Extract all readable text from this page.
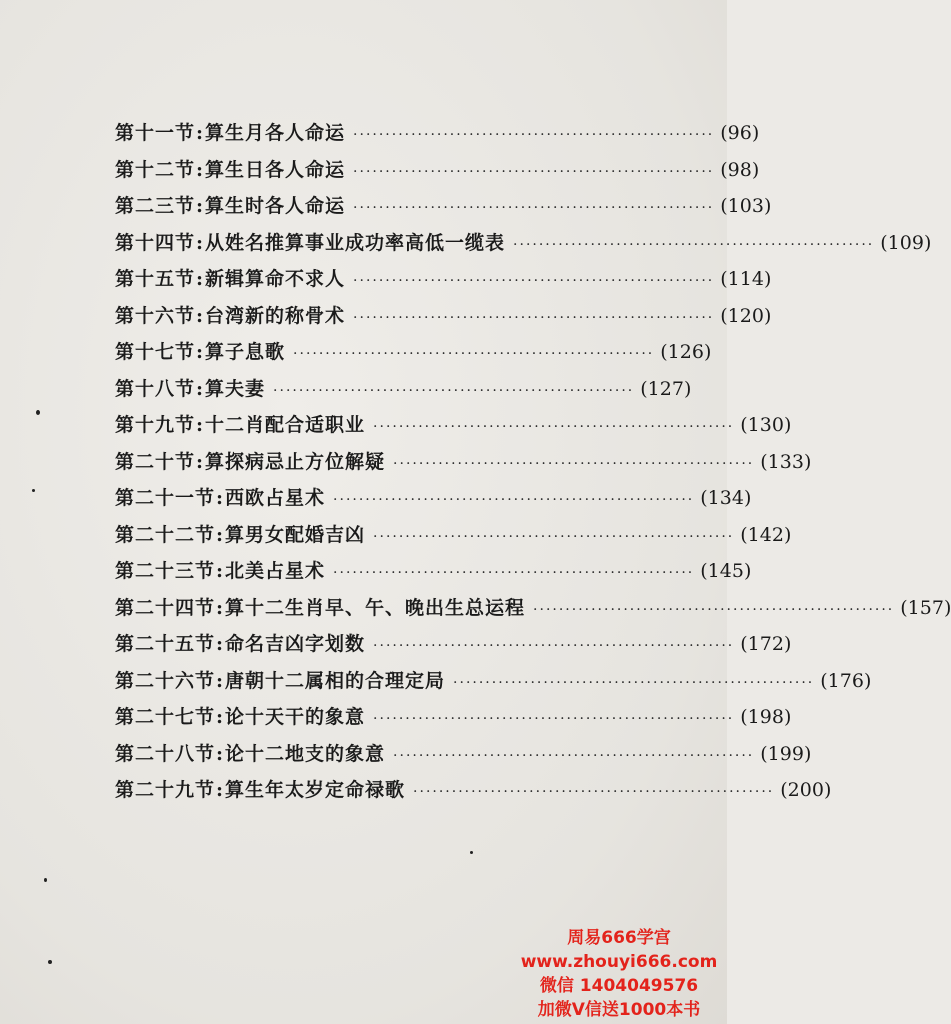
第十一节 : 算生月各人命运 ························································ (96)
第十二节 : 算生日各人命运 ························································ (98)
第二三节 : 算生时各人命运 ························································ (103)
第十四节 : 从姓名推算事业成功率高低一缆表 ························································ (109)
第十五节 : 新辑算命不求人 ························································ (114)
第十六节 : 台湾新的称骨术 ························································ (120)
第十七节 : 算子息歌 ························································ (126)
第十八节 : 算夫妻 ························································ (127)
第十九节 : 十二肖配合适职业 ························································ (130)
第二十节 : 算探病忌止方位解疑 ························································ (133)
第二十一节 : 西欧占星术 ························································ (134)
第二十二节 : 算男女配婚吉凶 ························································ (142)
第二十三节 : 北美占星术 ························································ (145)
第二十四节 : 算十二生肖早、午、晚出生总运程 ························································ (157)
第二十五节 : 命名吉凶字划数 ························································ (172)
第二十六节 : 唐朝十二属相的合理定局 ························································ (176)
第二十七节 : 论十天干的象意 ························································ (198)
第二十八节 : 论十二地支的象意 ························································ (199)
第二十九节 : 算生年太岁定命禄歌 ························································ (200)
周易666学宫
www.zhouyi666.com
微信 1404049576
加微V信送1000本书
